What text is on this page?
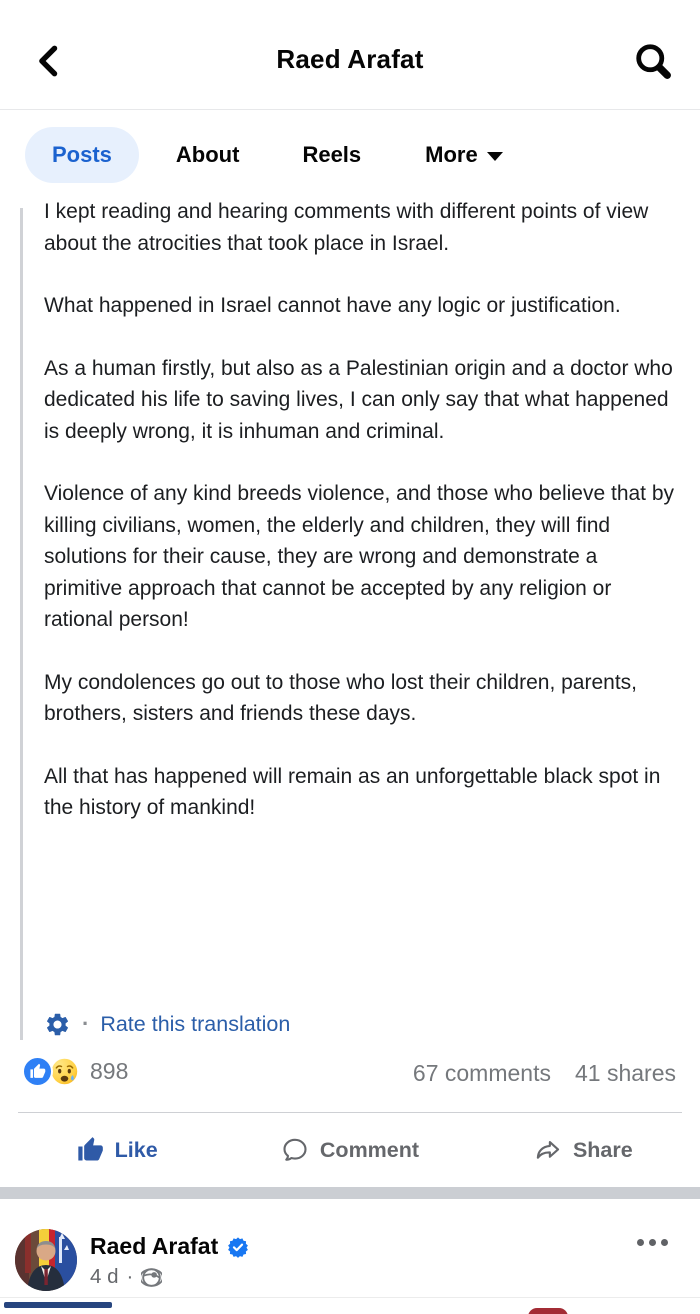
Raed Arafat
Posts	About	Reels	More

I kept reading and hearing comments with different points of view about the atrocities that took place in Israel.

What happened in Israel cannot have any logic or justification.

As a human firstly, but also as a Palestinian origin and a doctor who dedicated his life to saving lives, I can only say that what happened is deeply wrong, it is inhuman and criminal.

Violence of any kind breeds violence, and those who believe that by killing civilians, women, the elderly and children, they will find solutions for their cause, they are wrong and demonstrate a primitive approach that cannot be accepted by any religion or rational person!

My condolences go out to those who lost their children, parents, brothers, sisters and friends these days.

All that has happened will remain as an unforgettable black spot in the history of mankind!

· Rate this translation
898	67 comments 41 shares
Like	Comment	Share
Raed Arafat
4 d ·
